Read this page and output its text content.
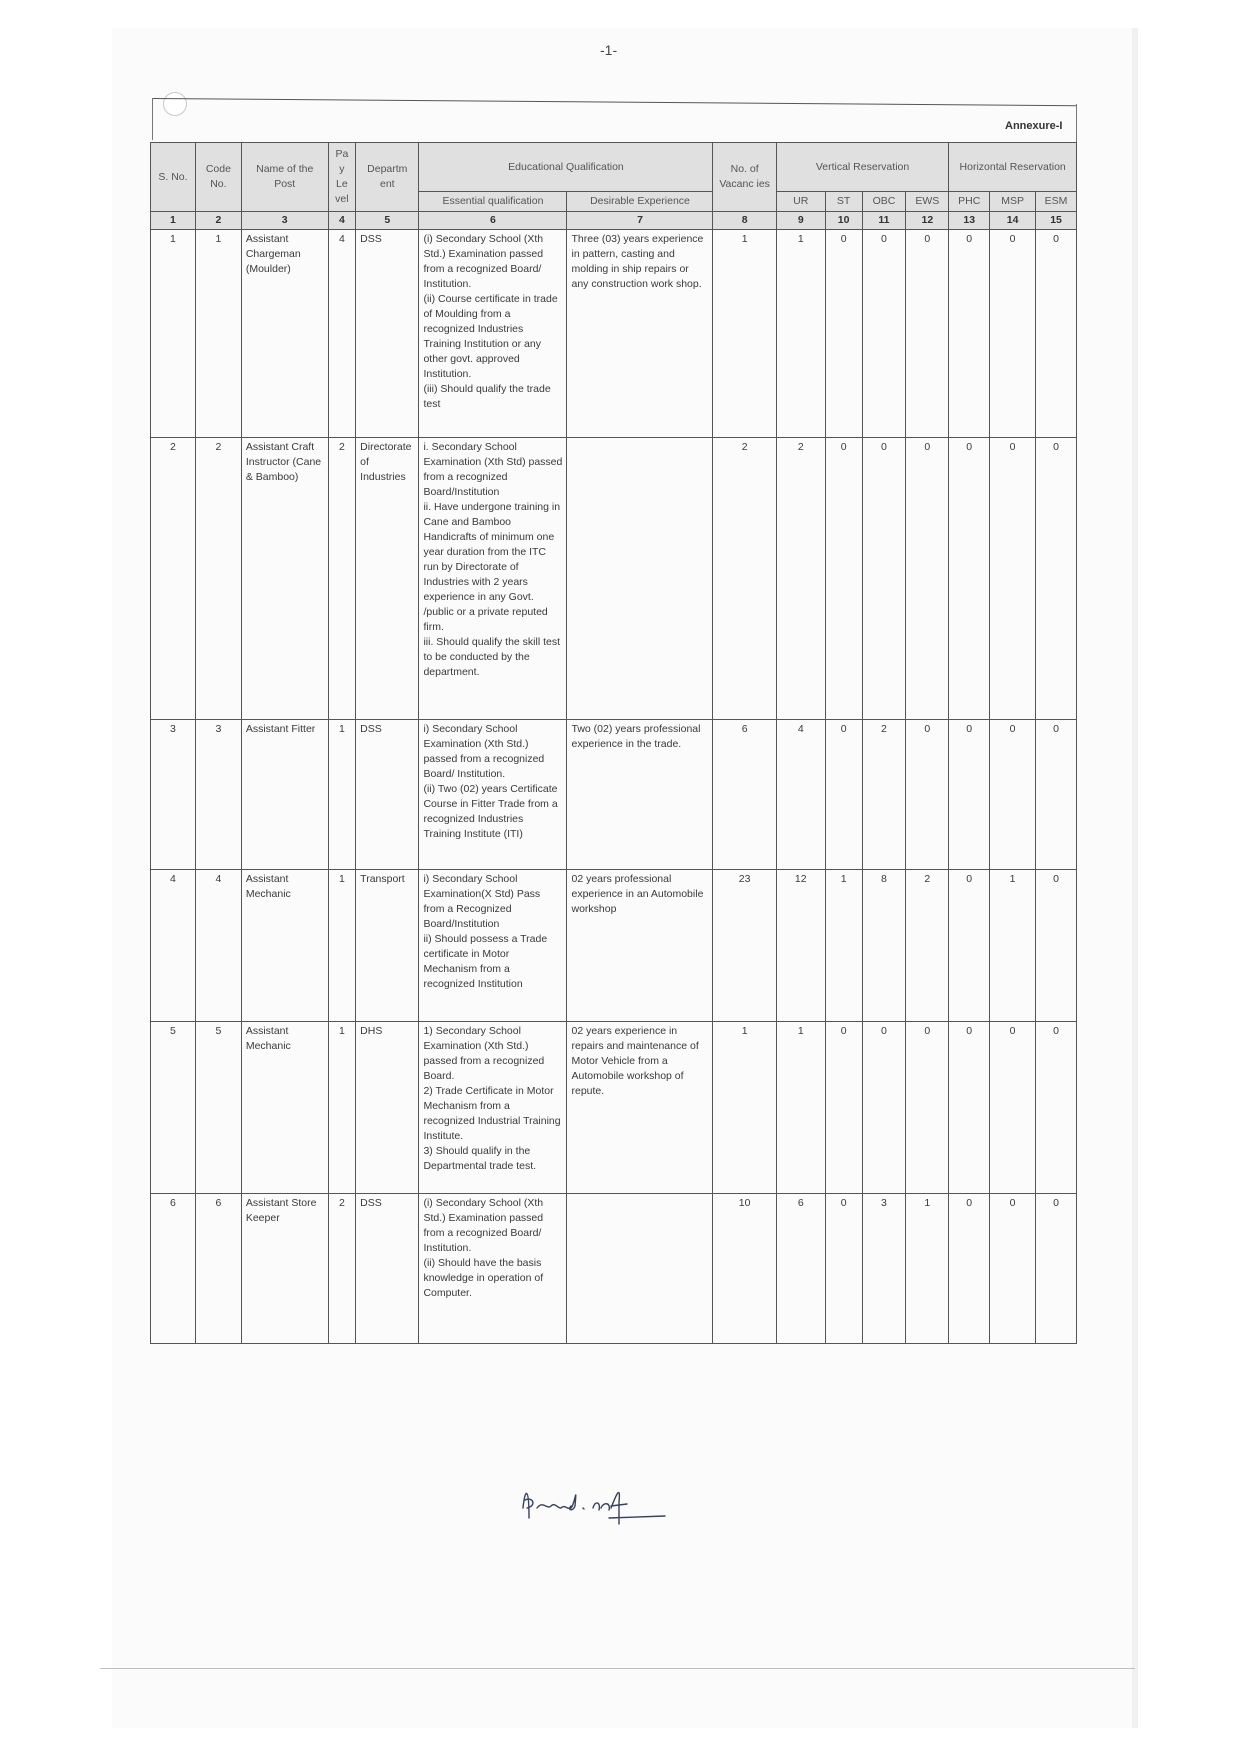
-1-
Annexure-I
S. No.	Code No.	Name of the Post	Pa y Le vel	Departm ent	Educational Qualification		No. of Vacanc ies	Vertical Reservation				Horizontal Reservation		
					Essential qualification	Desirable Experience		UR	ST	OBC	EWS	PHC	MSP	ESM
1	2	3	4	5	6	7	8	9	10	11	12	13	14	15
1	1	Assistant Chargeman (Moulder)	4	DSS	(i) Secondary School (Xth Std.) Examination passed from a recognized Board/ Institution.
(ii) Course certificate in trade of Moulding from a recognized Industries Training Institution or any other govt. approved Institution.
(iii) Should qualify the trade test	Three (03) years experience in pattern, casting and molding in ship repairs or any construction work shop.	1	1	0	0	0	0	0	0
2	2	Assistant Craft Instructor (Cane & Bamboo)	2	Directorate of Industries	i. Secondary School Examination (Xth Std) passed from a recognized Board/Institution
ii. Have undergone training in Cane and Bamboo Handicrafts of minimum one year duration from the ITC run by Directorate of Industries with 2 years experience in any Govt. /public or a private reputed firm.
iii. Should qualify the skill test to be conducted by the department.		2	2	0	0	0	0	0	0
3	3	Assistant Fitter	1	DSS	i) Secondary School Examination (Xth Std.) passed from a recognized Board/ Institution.
(ii) Two (02) years Certificate Course in Fitter Trade from a recognized Industries Training Institute (ITI)	Two (02) years professional experience in the trade.	6	4	0	2	0	0	0	0
4	4	Assistant Mechanic	1	Transport	i) Secondary School Examination(X Std) Pass from a Recognized Board/Institution
ii) Should possess a Trade certificate in Motor Mechanism from a recognized Institution	02 years professional experience in an Automobile workshop	23	12	1	8	2	0	1	0
5	5	Assistant Mechanic	1	DHS	1) Secondary School Examination (Xth Std.) passed from a recognized Board.
2) Trade Certificate in Motor Mechanism from a recognized Industrial Training Institute.
3) Should qualify in the Departmental trade test.	02 years experience in repairs and maintenance of Motor Vehicle from a Automobile workshop of repute.	1	1	0	0	0	0	0	0
6	6	Assistant Store Keeper	2	DSS	(i) Secondary School (Xth Std.) Examination passed from a recognized Board/ Institution.
(ii) Should have the basis knowledge in operation of Computer.		10	6	0	3	1	0	0	0
